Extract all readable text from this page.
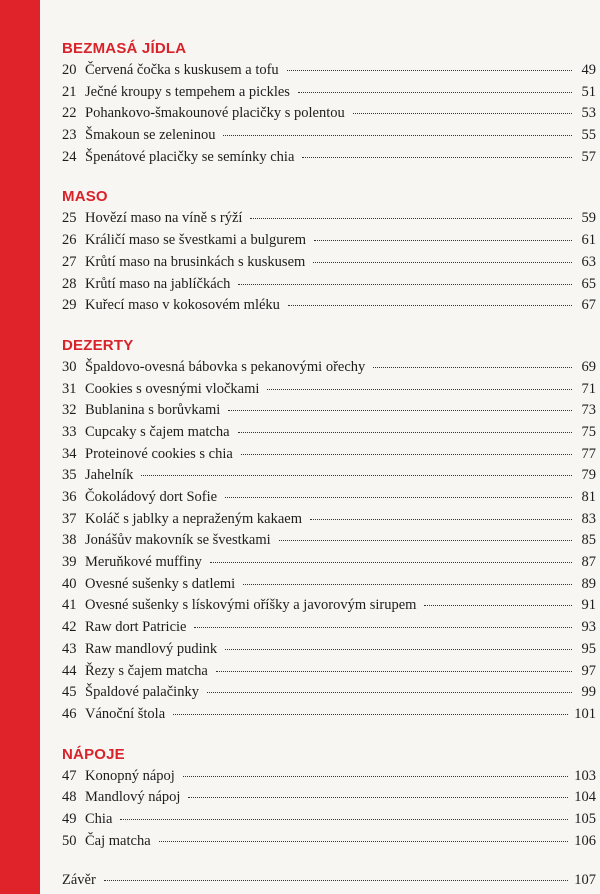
BEZMASÁ JÍDLA
20 Červená čočka s kuskusem a tofu	49
21 Ječné kroupy s tempehem a pickles	51
22 Pohankovo-šmakounové placičky s polentou	53
23 Šmakoun se zeleninou	55
24 Špenátové placičky se semínky chia	57
MASO
25 Hovězí maso na víně s rýží	59
26 Králičí maso se švestkami a bulgurem	61
27 Krůtí maso na brusinkách s kuskusem	63
28 Krůtí maso na jablíčkách	65
29 Kuřecí maso v kokosovém mléku	67
DEZERTY
30 Špaldovo-ovesná bábovka s pekanovými ořechy	69
31 Cookies s ovesnými vločkami	71
32 Bublanina s borůvkami	73
33 Cupcaky s čajem matcha	75
34 Proteinové cookies s chia	77
35 Jahelník	79
36 Čokoládový dort Sofie	81
37 Koláč s jablky a nepraženým kakaem	83
38 Jonášův makovník se švestkami	85
39 Meruňkové muffiny	87
40 Ovesné sušenky s datlemi	89
41 Ovesné sušenky s lískovými oříšky a javorovým sirupem	91
42 Raw dort Patricie	93
43 Raw mandlový pudink	95
44 Řezy s čajem matcha	97
45 Špaldové palačinky	99
46 Vánoční štola	101
NÁPOJE
47 Konopný nápoj	103
48 Mandlový nápoj	104
49 Chia	105
50 Čaj matcha	106
Závěr	107
